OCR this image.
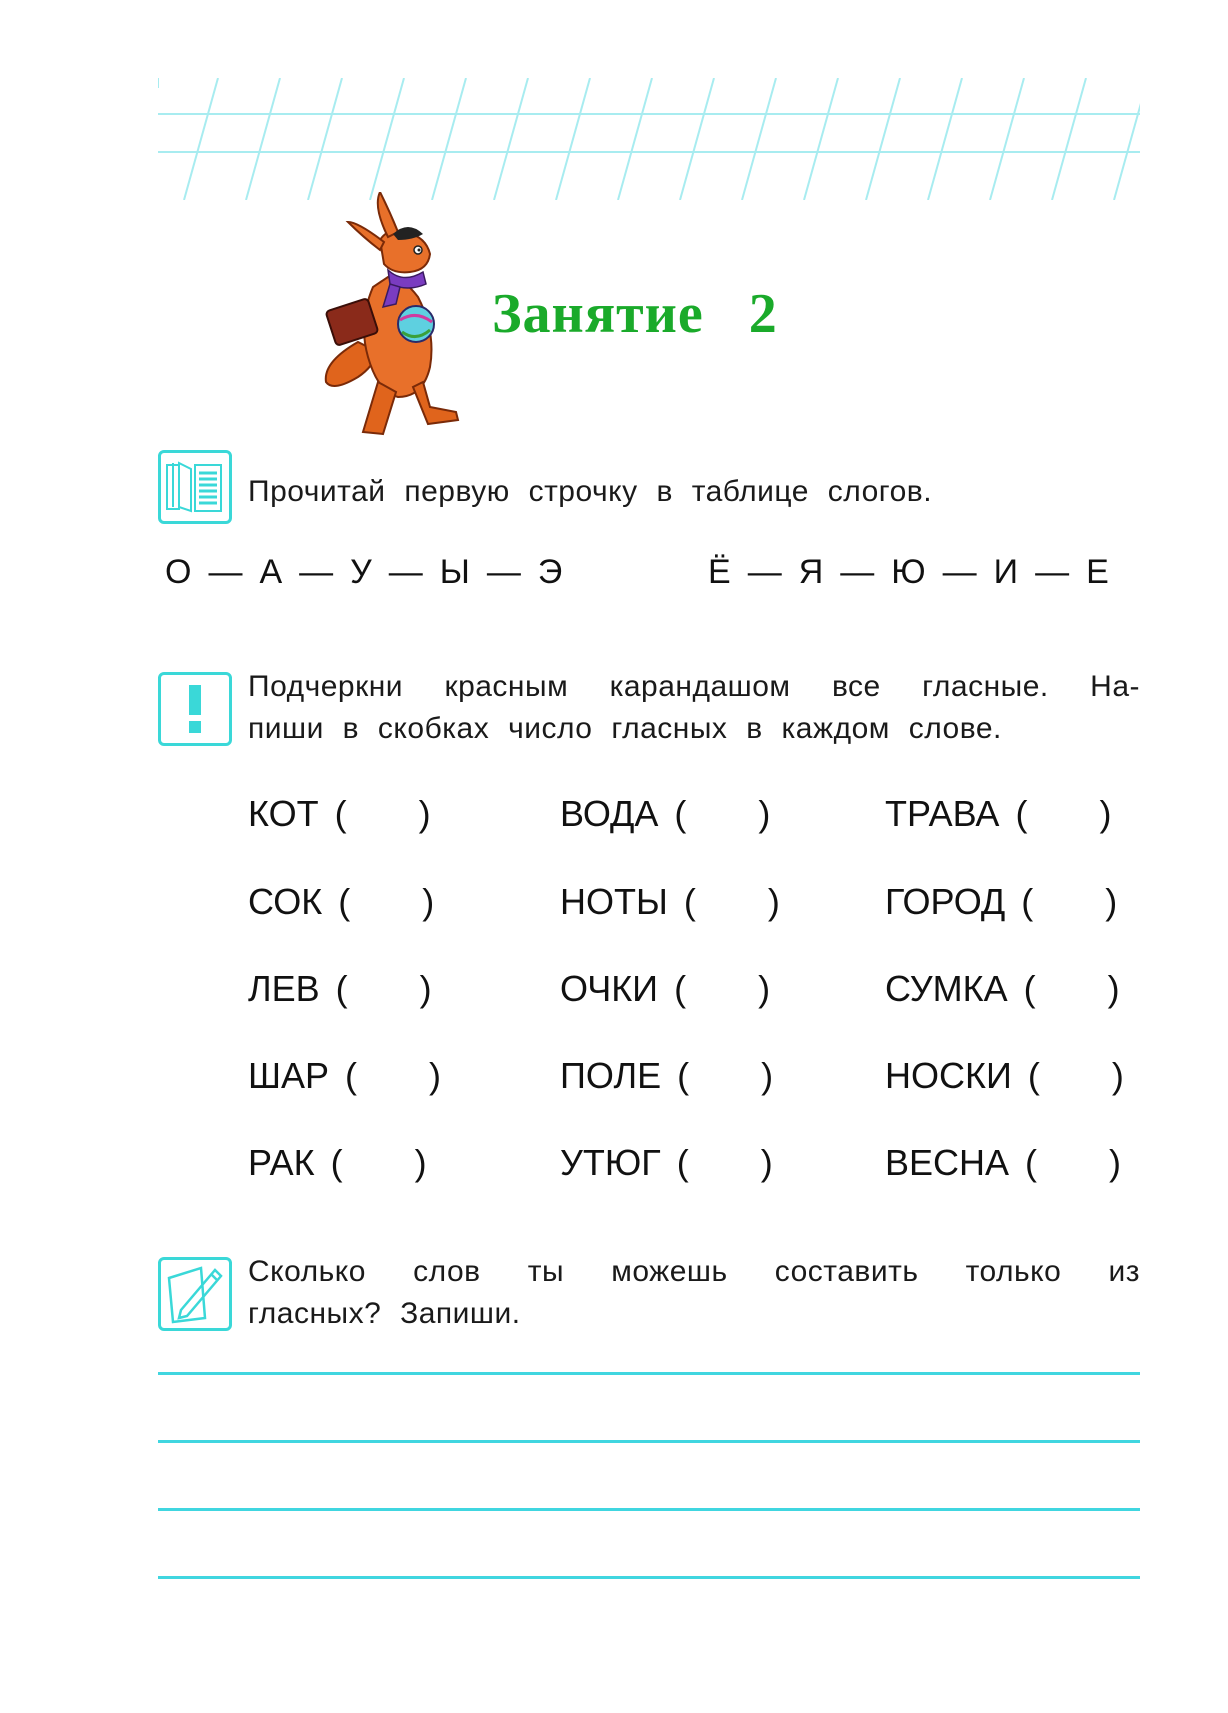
Занятие 2
Прочитай первую строчку в таблице слогов.
О — А — У — Ы — Э	Ё — Я — Ю — И — Е
Подчеркни красным карандашом все гласные. На-
пиши в скобках число гласных в каждом слове.
КОТ ( )
СОК ( )
ЛЕВ ( )
ШАР ( )
РАК ( )
ВОДА ( )
НОТЫ ( )
ОЧКИ ( )
ПОЛЕ ( )
УТЮГ ( )
ТРАВА ( )
ГОРОД ( )
СУМКА ( )
НОСКИ ( )
ВЕСНА ( )
Сколько слов ты можешь составить только из
гласных? Запиши.
